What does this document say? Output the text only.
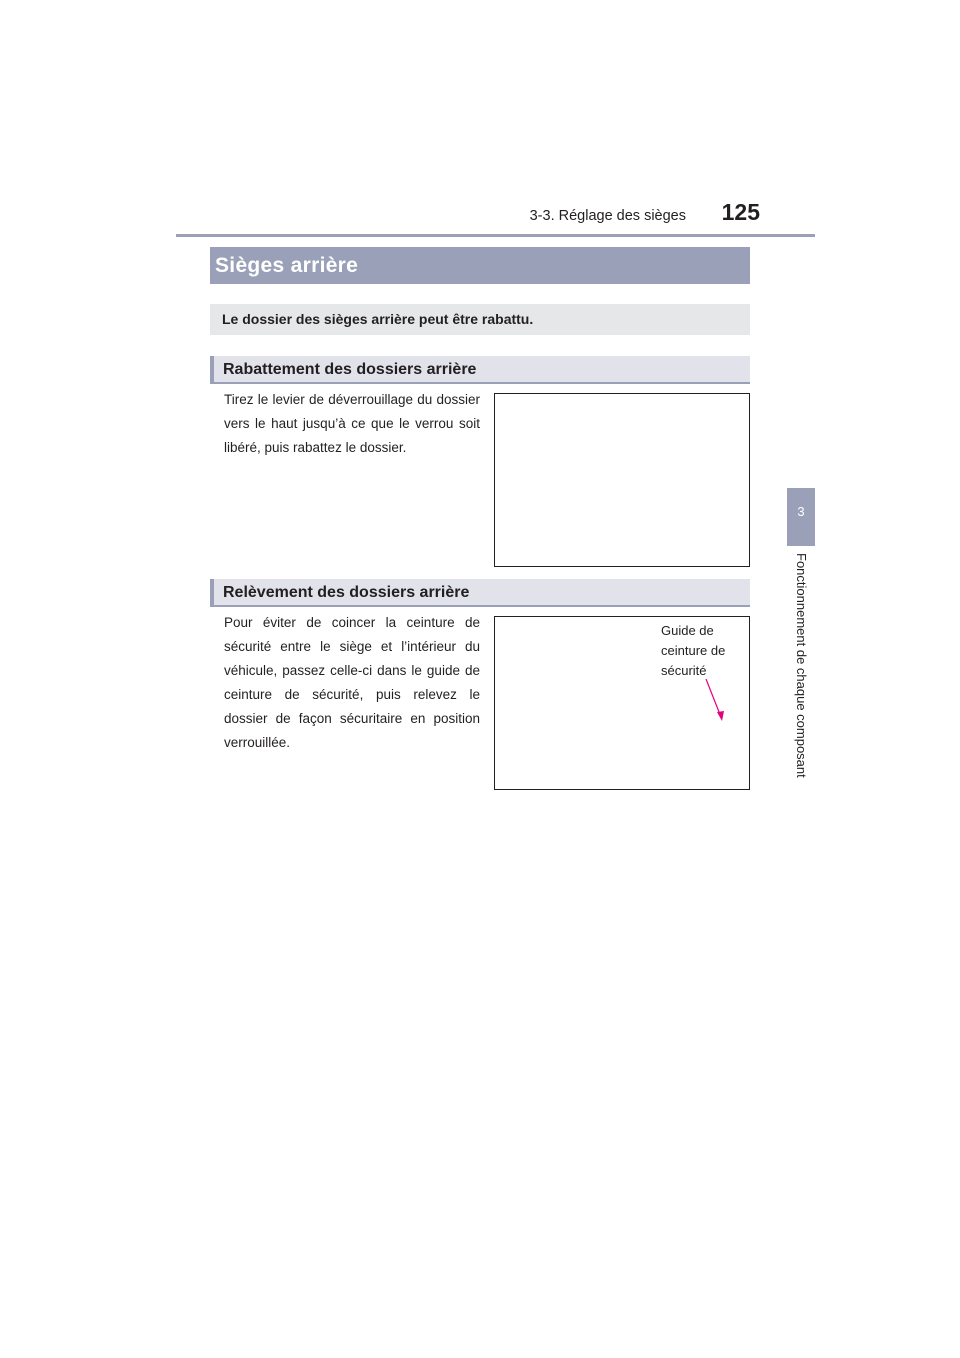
3-3. Réglage des sièges	125
3
Fonctionnement de chaque composant
Sièges arrière
Le dossier des sièges arrière peut être rabattu.
Rabattement des dossiers arrière
Tirez le levier de déverrouillage du dossier vers le haut jusqu’à ce que le verrou soit libéré, puis rabattez le dossier.
Relèvement des dossiers arrière
Pour éviter de coincer la ceinture de sécurité entre le siège et l’intérieur du véhicule, passez celle-ci dans le guide de ceinture de sécurité, puis relevez le dossier de façon sécuritaire en position verrouillée.
Guide de
ceinture de
sécurité
